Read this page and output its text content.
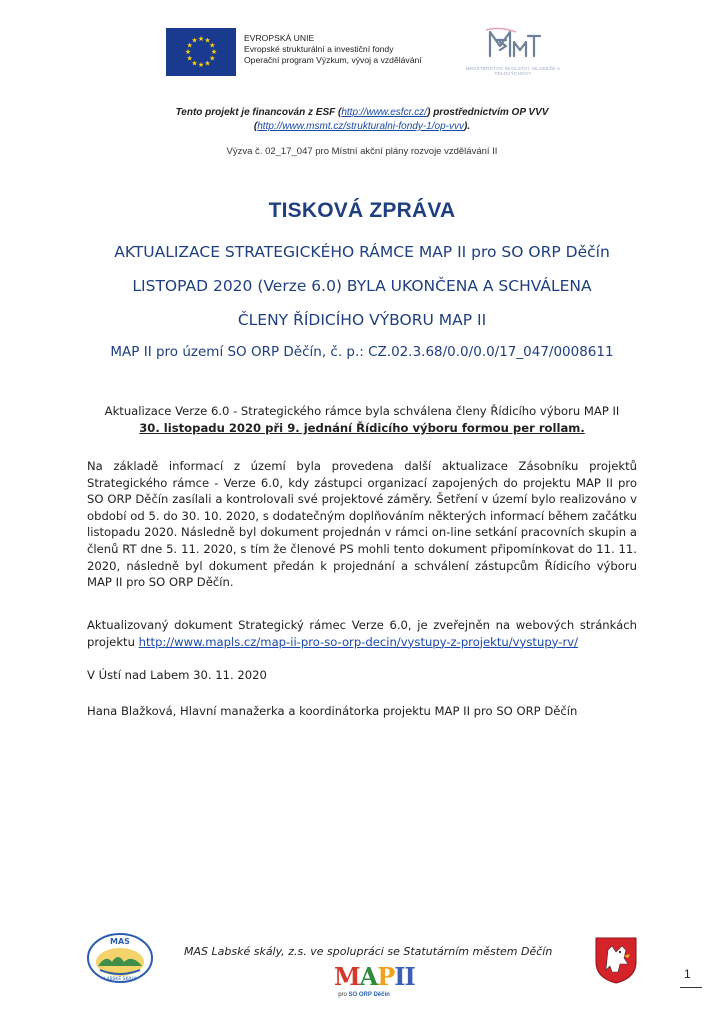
★ ★
★
★
★
★
★
★
★
★
★
★	EVROPSKÁ UNIE
Evropské strukturální a investiční fondy
Operační program Výzkum, vývoj a vzdělávání
MINISTERSTVO ŠKOLSTVÍ, MLÁDEŽE A TĚLOVÝCHOVY
Tento projekt je financován z ESF (http://www.esfcr.cz/) prostřednictvím OP VVV
(http://www.msmt.cz/strukturalni-fondy-1/op-vvv).
Výzva č. 02_17_047 pro Místní akční plány rozvoje vzdělávání II
TISKOVÁ ZPRÁVA
AKTUALIZACE STRATEGICKÉHO RÁMCE MAP II pro SO ORP Děčín
LISTOPAD 2020 (Verze 6.0) BYLA UKONČENA A SCHVÁLENA
ČLENY ŘÍDICÍHO VÝBORU MAP II
MAP II pro území SO ORP Děčín, č. p.: CZ.02.3.68/0.0/0.0/17_047/0008611
Aktualizace Verze 6.0 - Strategického rámce byla schválena členy Řídicího výboru MAP II
30. listopadu 2020 při 9. jednání Řídicího výboru formou per rollam.
Na základě informací z území byla provedena další aktualizace Zásobníku projektů Strategického rámce - Verze 6.0, kdy zástupci organizací zapojených do projektu MAP II pro SO ORP Děčín zasílali a kontrolovali své projektové záměry. Šetření v území bylo realizováno v období od 5. do 30. 10. 2020, s dodatečným doplňováním některých informací během začátku listopadu 2020. Následně byl dokument projednán v rámci on-line setkání pracovních skupin a členů RT dne 5. 11. 2020, s tím že členové PS mohli tento dokument připomínkovat do 11. 11. 2020, následně byl dokument předán k projednání a schválení zástupcům Řídicího výboru MAP II pro SO ORP Děčín.
Aktualizovaný dokument Strategický rámec Verze 6.0, je zveřejněn na webových stránkách projektu http://www.mapls.cz/map-ii-pro-so-orp-decin/vystupy-z-projektu/vystupy-rv/
V Ústí nad Labem 30. 11. 2020
Hana Blažková, Hlavní manažerka a koordinátorka projektu MAP II pro SO ORP Děčín
MAS
LABSKÉ SKÁLY
MAS Labské skály, z.s. ve spolupráci se Statutárním městem Děčín
MAPII
pro SO ORP Děčín
1
